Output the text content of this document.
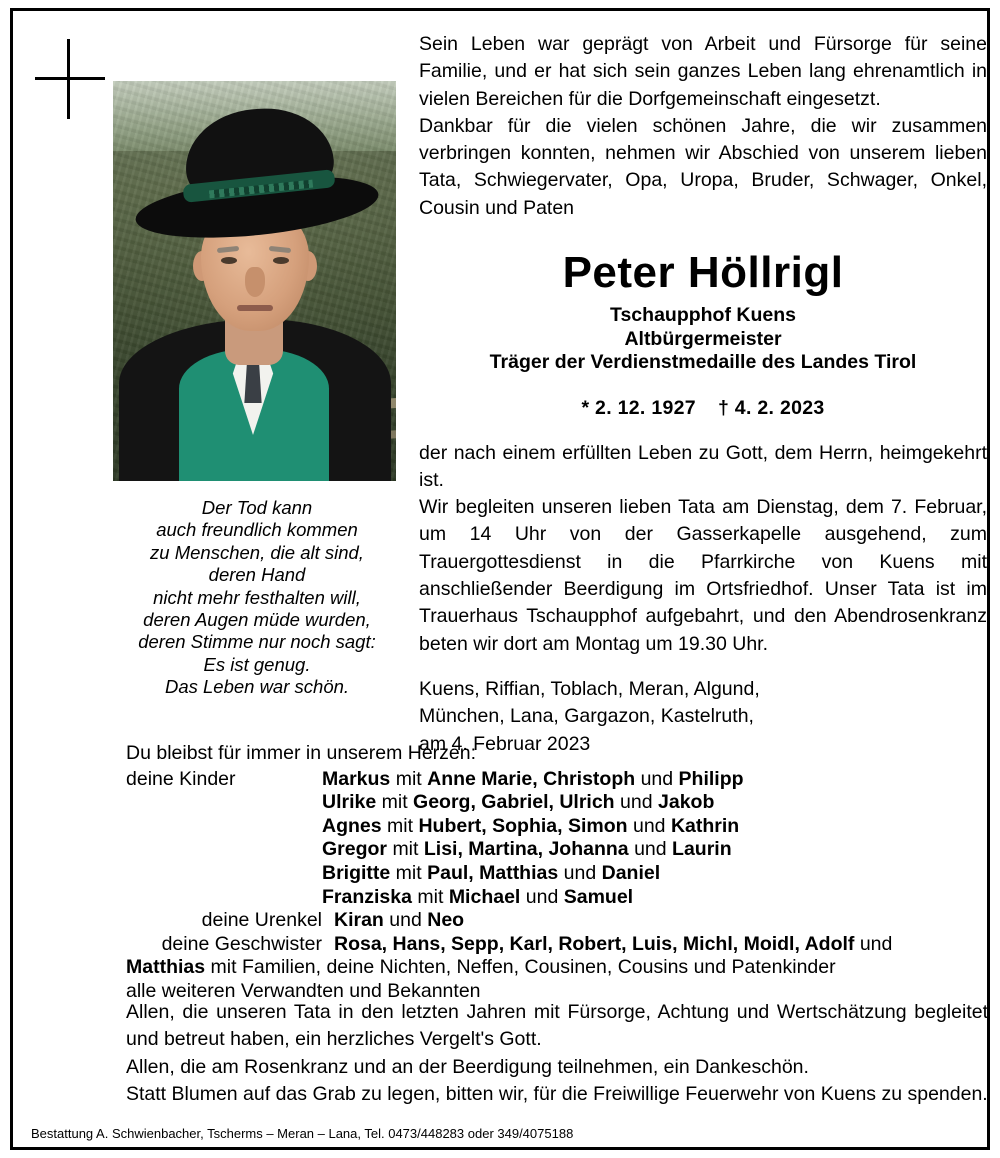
Der Tod kann
auch freundlich kommen
zu Menschen, die alt sind,
deren Hand
nicht mehr festhalten will,
deren Augen müde wurden,
deren Stimme nur noch sagt:
Es ist genug.
Das Leben war schön.

Sein Leben war geprägt von Arbeit und Fürsorge für seine Familie, und er hat sich sein ganzes Leben lang ehrenamtlich in vielen Bereichen für die Dorfgemeinschaft eingesetzt.

Dankbar für die vielen schönen Jahre, die wir zusammen verbringen konnten, nehmen wir Abschied von unserem lieben Tata, Schwiegervater, Opa, Uropa, Bruder, Schwager, Onkel, Cousin und Paten

Peter Höllrigl
Tschaupphof Kuens
Altbürgermeister
Träger der Verdienstmedaille des Landes Tirol
* 2. 12. 1927 † 4. 2. 2023

der nach einem erfüllten Leben zu Gott, dem Herrn, heimgekehrt ist.

Wir begleiten unseren lieben Tata am Dienstag, dem 7. Februar, um 14 Uhr von der Gasserkapelle ausgehend, zum Trauergottesdienst in die Pfarrkirche von Kuens mit anschließender Beerdigung im Ortsfriedhof. Unser Tata ist im Trauerhaus Tschaupphof aufgebahrt, und den Abendrosenkranz beten wir dort am Montag um 19.30 Uhr.

Kuens, Riffian, Toblach, Meran, Algund,
München, Lana, Gargazon, Kastelruth,
am 4. Februar 2023
Du bleibst für immer in unserem Herzen:
deine Kinder	Markus mit Anne Marie, Christoph und Philipp
Ulrike mit Georg, Gabriel, Ulrich und Jakob
Agnes mit Hubert, Sophia, Simon und Kathrin
Gregor mit Lisi, Martina, Johanna und Laurin
Brigitte mit Paul, Matthias und Daniel
Franziska mit Michael und Samuel
deine Urenkel Kiran und Neo
deine Geschwister Rosa, Hans, Sepp, Karl, Robert, Luis, Michl, Moidl, Adolf und
Matthias mit Familien, deine Nichten, Neffen, Cousinen, Cousins und Patenkinder
alle weiteren Verwandten und Bekannten

Allen, die unseren Tata in den letzten Jahren mit Fürsorge, Achtung und Wertschätzung begleitet und betreut haben, ein herzliches Vergelt's Gott.

Allen, die am Rosenkranz und an der Beerdigung teilnehmen, ein Dankeschön.

Statt Blumen auf das Grab zu legen, bitten wir, für die Freiwillige Feuerwehr von Kuens zu spenden.

Bestattung A. Schwienbacher, Tscherms – Meran – Lana, Tel. 0473/448283 oder 349/4075188
